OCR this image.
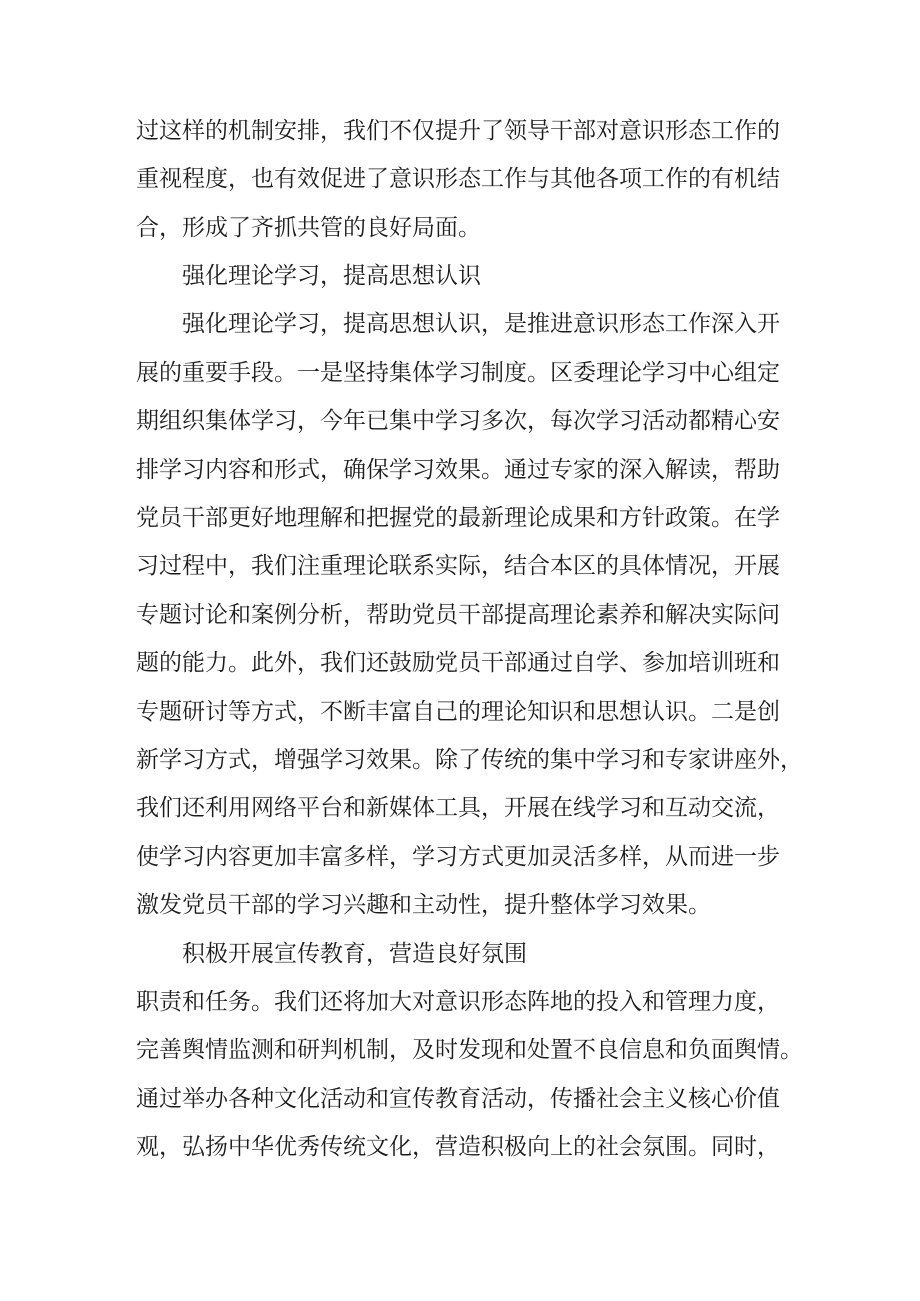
过这样的机制安排，我们不仅提升了领导干部对意识形态工作的
重视程度，也有效促进了意识形态工作与其他各项工作的有机结
合，形成了齐抓共管的良好局面。
强化理论学习，提高思想认识
强化理论学习，提高思想认识，是推进意识形态工作深入开
展的重要手段。一是坚持集体学习制度。区委理论学习中心组定
期组织集体学习，今年已集中学习多次，每次学习活动都精心安
排学习内容和形式，确保学习效果。通过专家的深入解读，帮助
党员干部更好地理解和把握党的最新理论成果和方针政策。在学
习过程中，我们注重理论联系实际，结合本区的具体情况，开展
专题讨论和案例分析，帮助党员干部提高理论素养和解决实际问
题的能力。此外，我们还鼓励党员干部通过自学、参加培训班和
专题研讨等方式，不断丰富自己的理论知识和思想认识。二是创
新学习方式，增强学习效果。除了传统的集中学习和专家讲座外，
我们还利用网络平台和新媒体工具，开展在线学习和互动交流，
使学习内容更加丰富多样，学习方式更加灵活多样，从而进一步
激发党员干部的学习兴趣和主动性，提升整体学习效果。
积极开展宣传教育，营造良好氛围
职责和任务。我们还将加大对意识形态阵地的投入和管理力度，
完善舆情监测和研判机制，及时发现和处置不良信息和负面舆情。
通过举办各种文化活动和宣传教育活动，传播社会主义核心价值
观，弘扬中华优秀传统文化，营造积极向上的社会氛围。同时，
